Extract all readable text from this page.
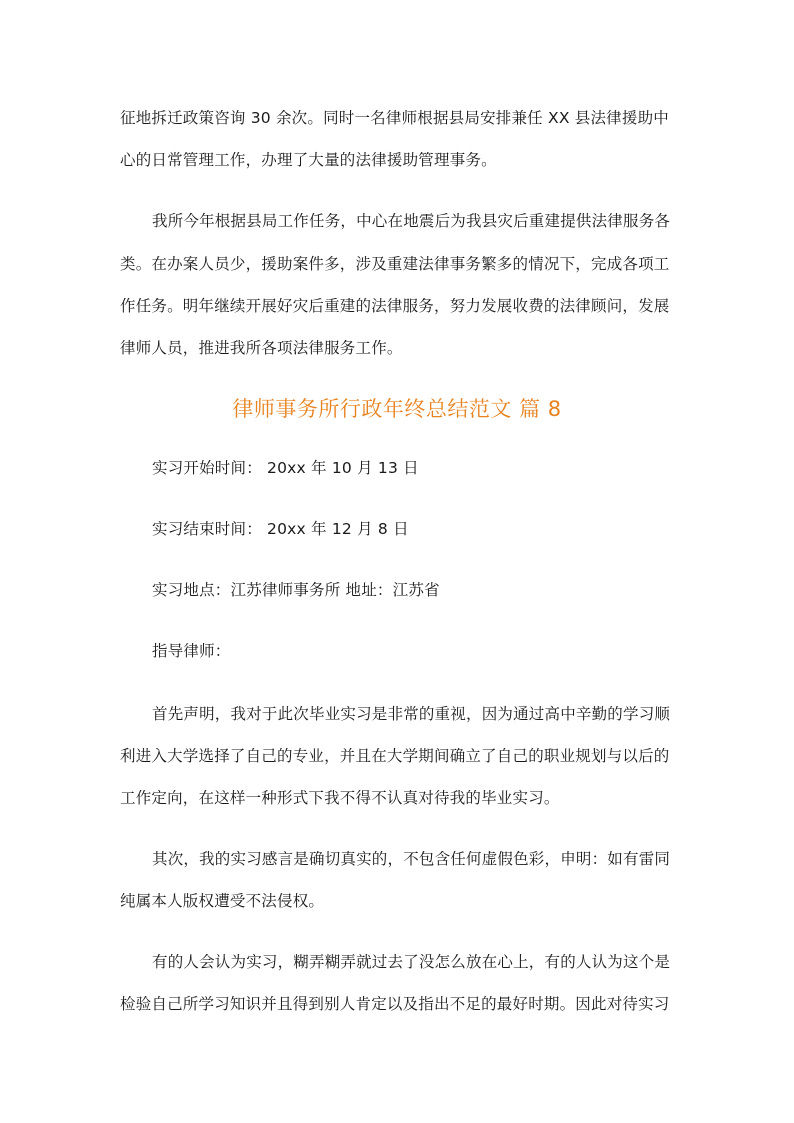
征地拆迁政策咨询 30 余次。同时一名律师根据县局安排兼任 XX 县法律援助中
心的日常管理工作，办理了大量的法律援助管理事务。
我所今年根据县局工作任务，中心在地震后为我县灾后重建提供法律服务各
类。在办案人员少，援助案件多，涉及重建法律事务繁多的情况下，完成各项工
作任务。明年继续开展好灾后重建的法律服务，努力发展收费的法律顾问，发展
律师人员，推进我所各项法律服务工作。
律师事务所行政年终总结范文 篇 8
实习开始时间： 20xx 年 10 月 13 日
实习结束时间： 20xx 年 12 月 8 日
实习地点：江苏律师事务所 地址：江苏省
指导律师：
首先声明，我对于此次毕业实习是非常的重视，因为通过高中辛勤的学习顺
利进入大学选择了自己的专业，并且在大学期间确立了自己的职业规划与以后的
工作定向，在这样一种形式下我不得不认真对待我的毕业实习。
其次，我的实习感言是确切真实的，不包含任何虚假色彩，申明：如有雷同
纯属本人版权遭受不法侵权。
有的人会认为实习，糊弄糊弄就过去了没怎么放在心上，有的人认为这个是
检验自己所学习知识并且得到别人肯定以及指出不足的最好时期。因此对待实习
